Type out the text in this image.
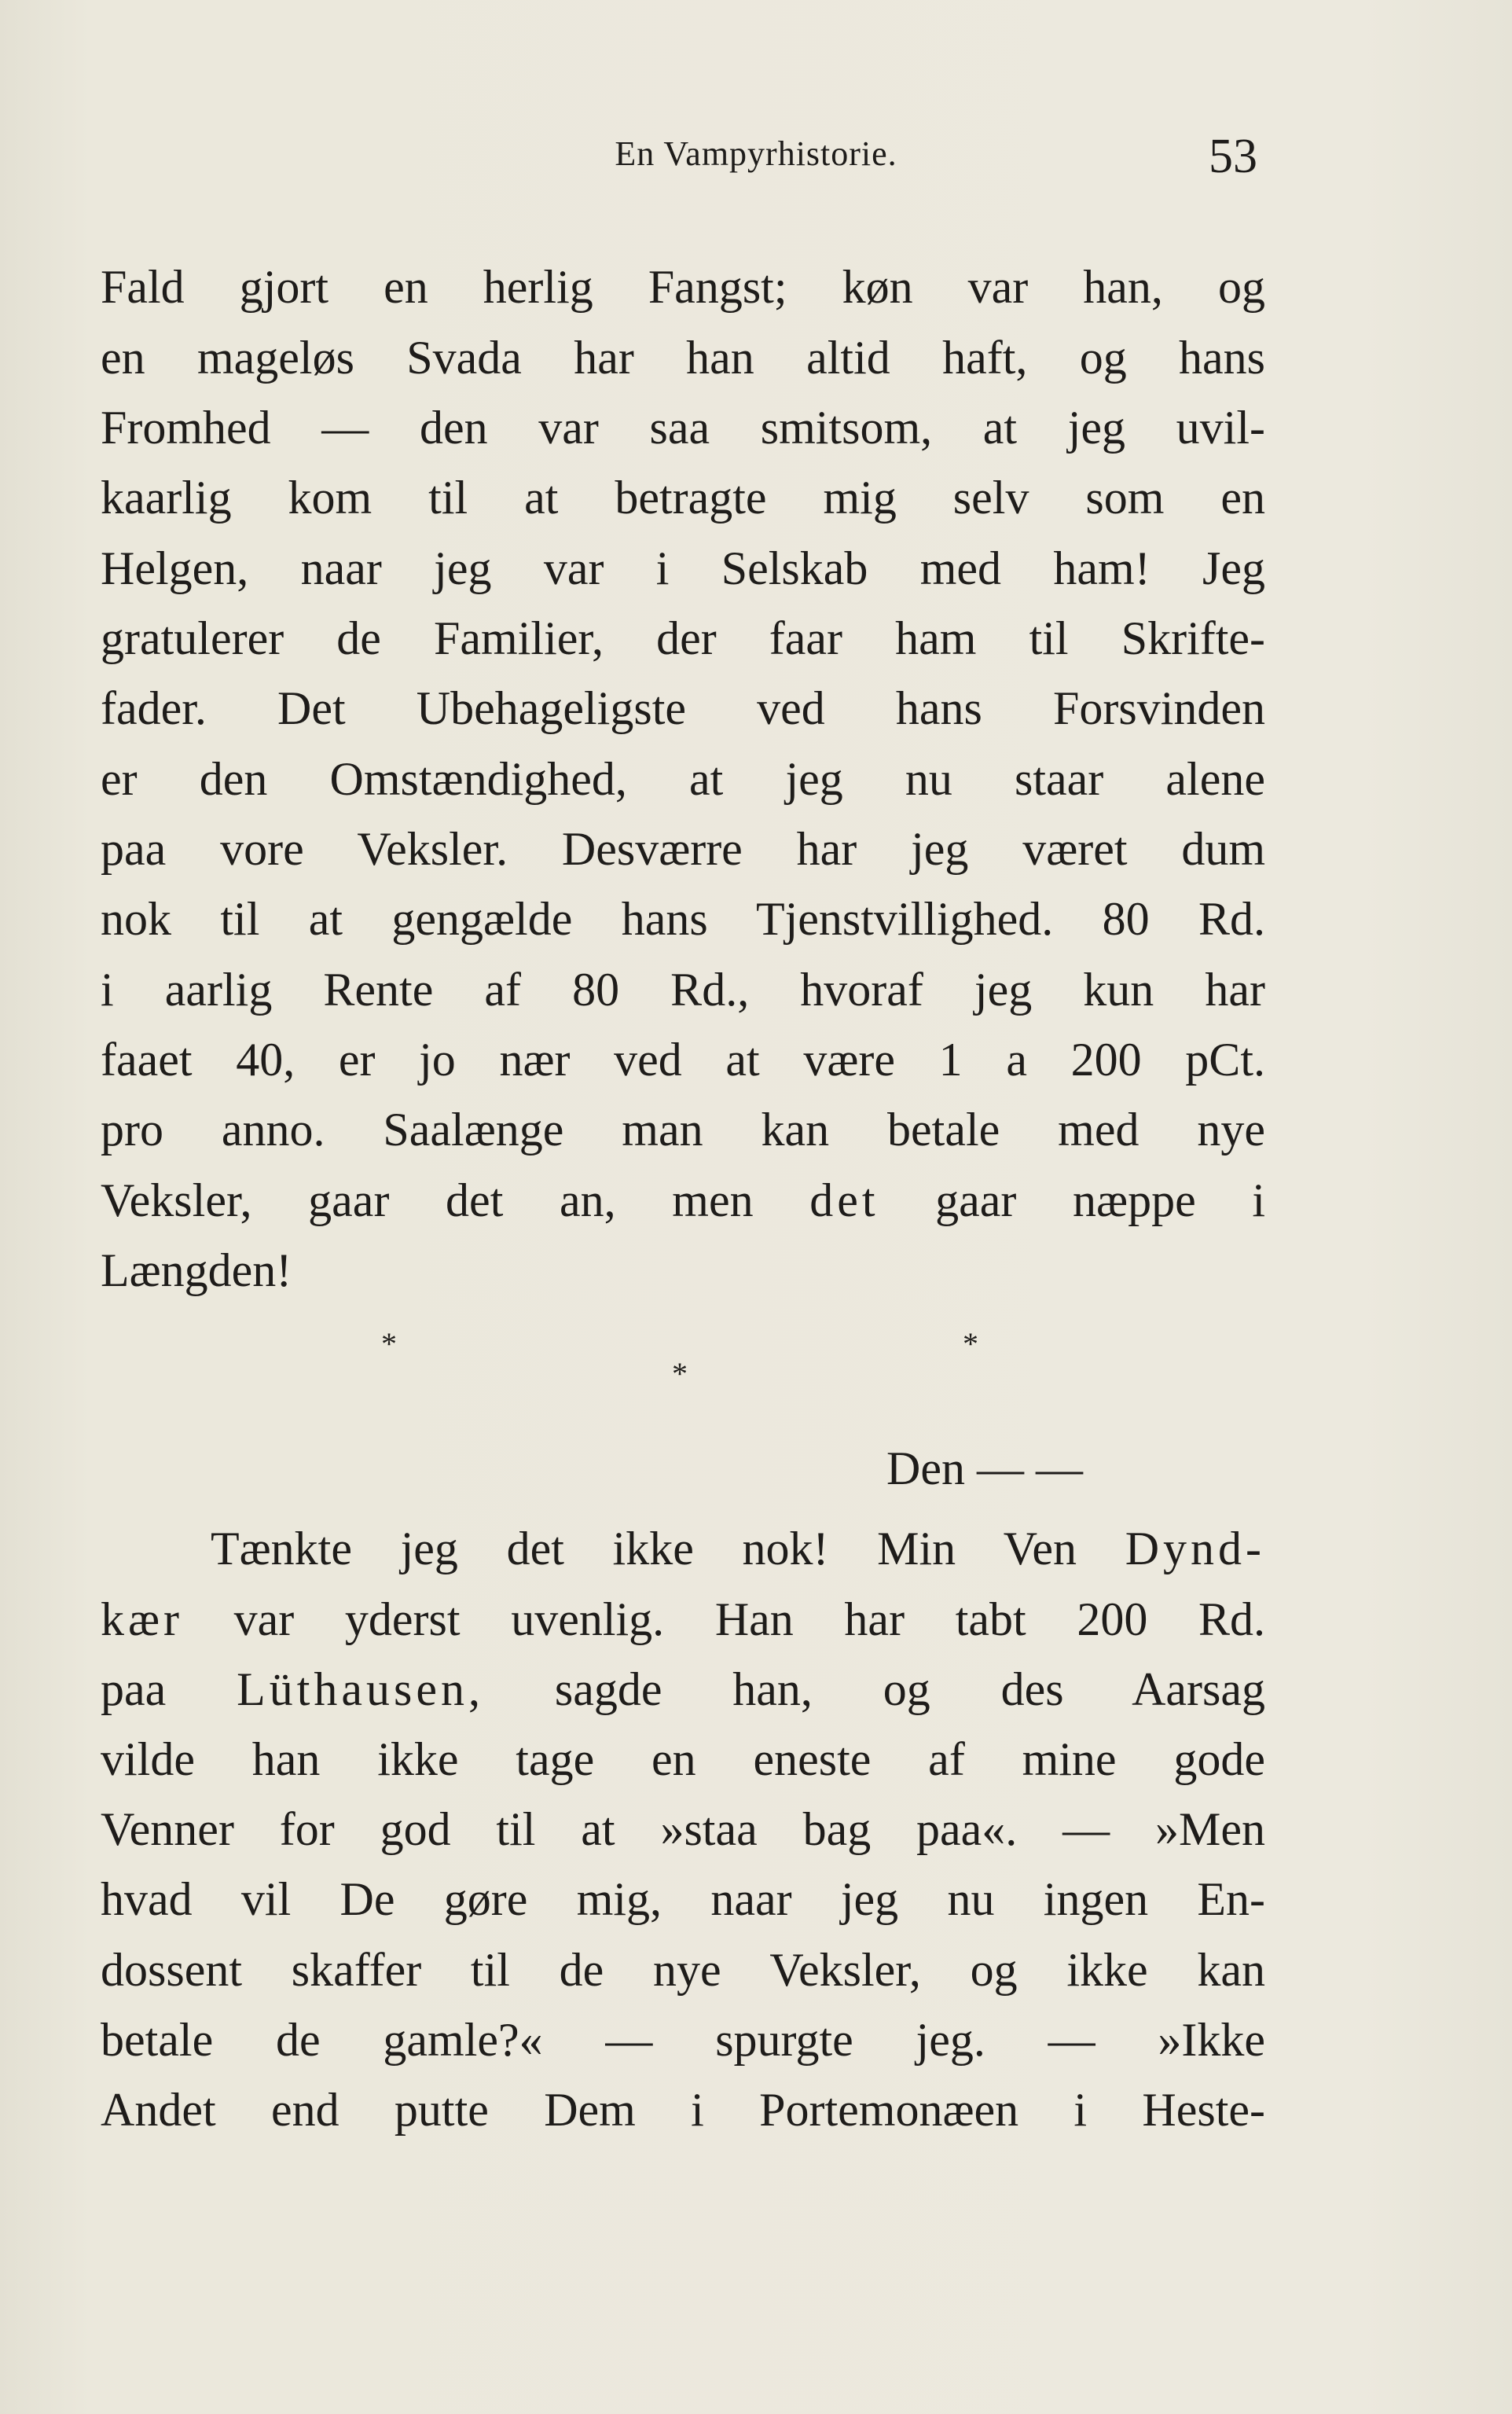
En Vampyrhistorie.	53
Fald gjort en herlig Fangst; køn var han, og
en mageløs Svada har han altid haft, og hans
Fromhed — den var saa smitsom, at jeg uvil-
kaarlig kom til at betragte mig selv som en
Helgen, naar jeg var i Selskab med ham! Jeg
gratulerer de Familier, der faar ham til Skrifte-
fader. Det Ubehageligste ved hans Forsvinden
er den Omstændighed, at jeg nu staar alene
paa vore Veksler. Desværre har jeg været dum
nok til at gengælde hans Tjenstvillighed. 80 Rd.
i aarlig Rente af 80 Rd., hvoraf jeg kun har
faaet 40, er jo nær ved at være 1 a 200 pCt.
pro anno. Saalænge man kan betale med nye
Veksler, gaar det an, men det gaar næppe i
Længden!
*	*
*
Den — —
Tænkte jeg det ikke nok! Min Ven Dynd-
kær var yderst uvenlig. Han har tabt 200 Rd.
paa Lüthausen, sagde han, og des Aarsag
vilde han ikke tage en eneste af mine gode
Venner for god til at »staa bag paa«. — »Men
hvad vil De gøre mig, naar jeg nu ingen En-
dossent skaffer til de nye Veksler, og ikke kan
betale de gamle?« — spurgte jeg. — »Ikke
Andet end putte Dem i Portemonæen i Heste-
